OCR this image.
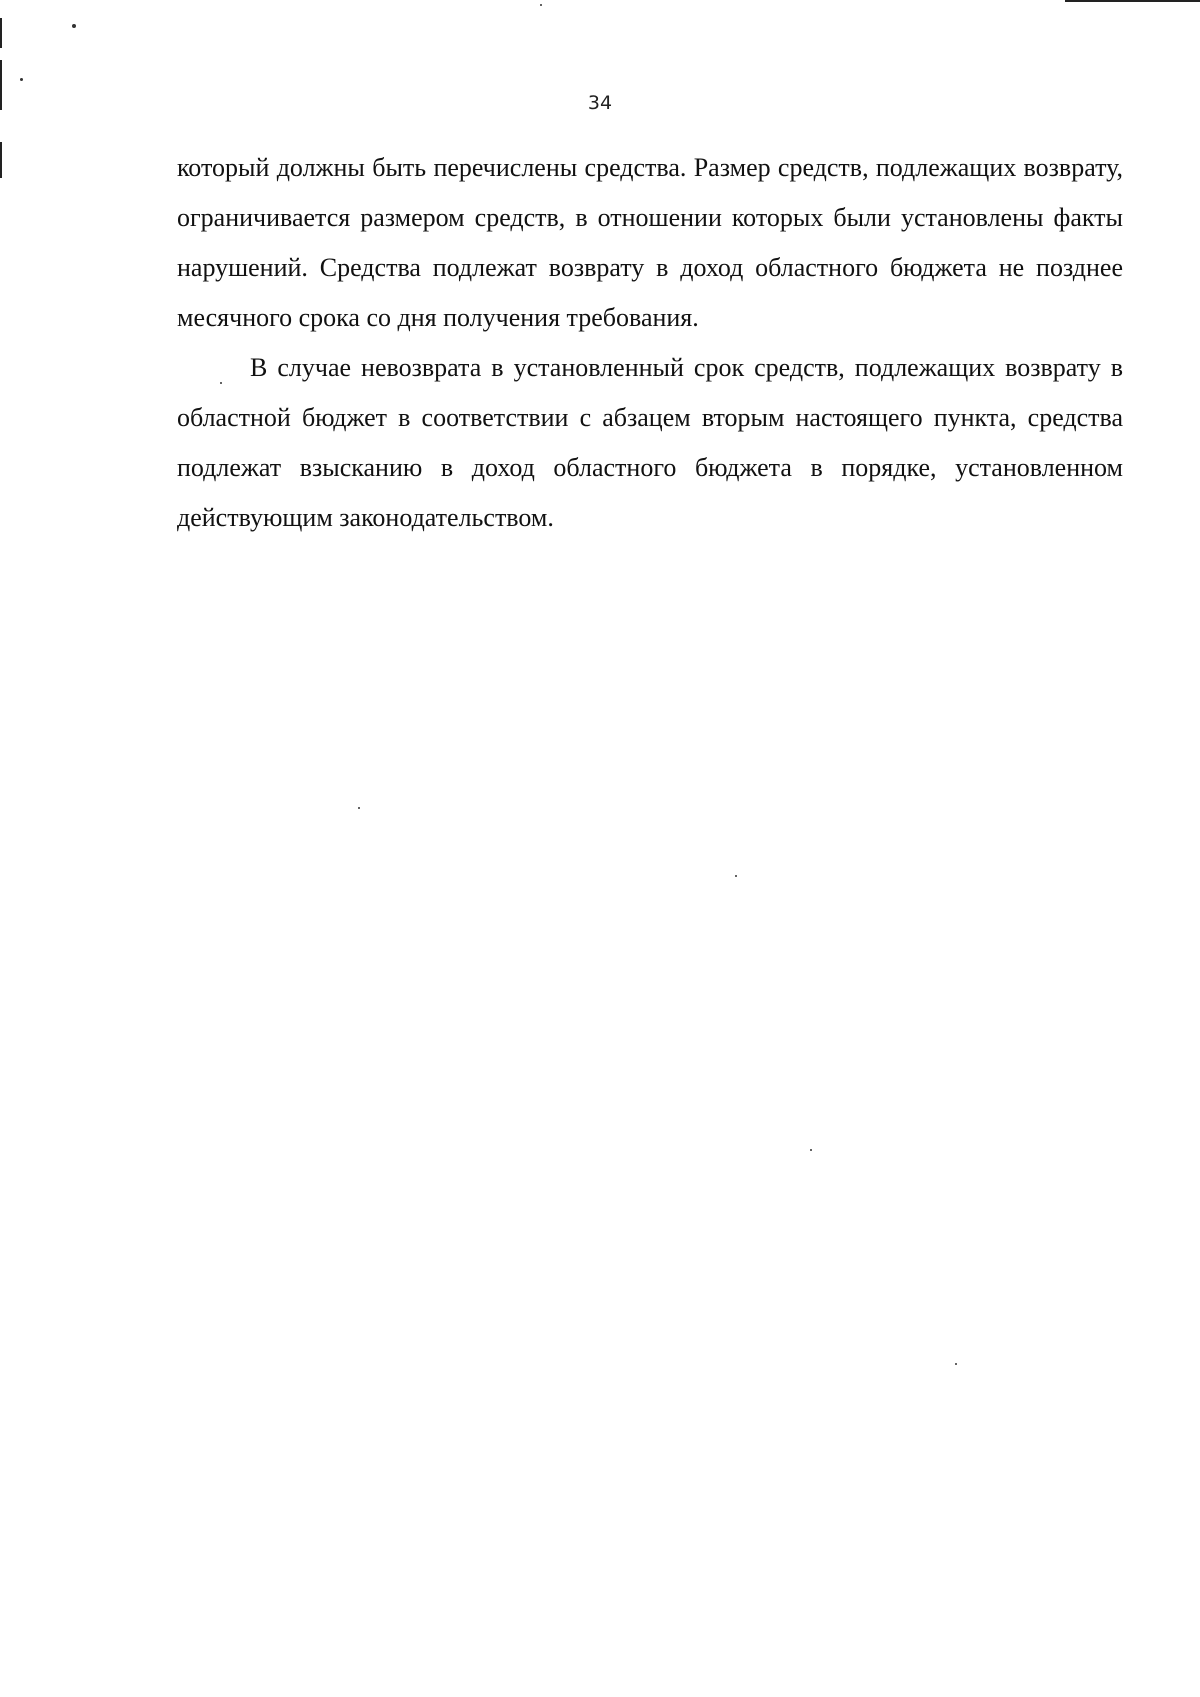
34

который должны быть перечислены средства. Размер средств, подлежащих возврату, ограничивается размером средств, в отношении которых были установлены факты нарушений. Средства подлежат возврату в доход областного бюджета не позднее месячного срока со дня получения требования.

В случае невозврата в установленный срок средств, подлежащих возврату в областной бюджет в соответствии с абзацем вторым настоящего пункта, средства подлежат взысканию в доход областного бюджета в порядке, установленном действующим законодательством.
